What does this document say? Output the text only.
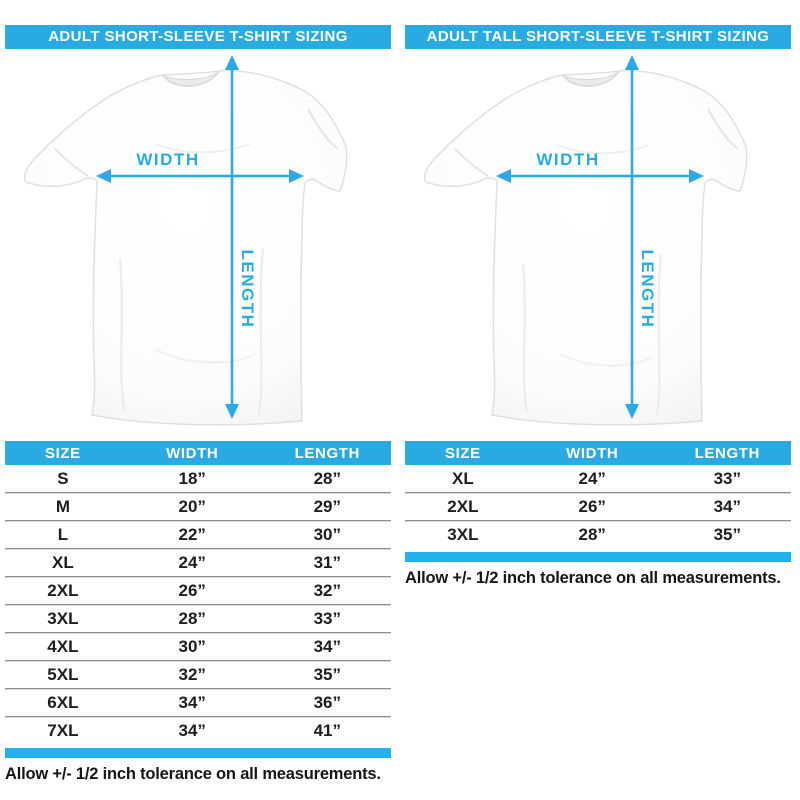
ADULT SHORT-SLEEVE T-SHIRT SIZING
WIDTH
LENGTH
SIZE	WIDTH	LENGTH
S	18”	28”
M	20”	29”
L	22”	30”
XL	24”	31”
2XL	26”	32”
3XL	28”	33”
4XL	30”	34”
5XL	32”	35”
6XL	34”	36”
7XL	34”	41”
Allow +/- 1/2 inch tolerance on all measurements.
ADULT TALL SHORT-SLEEVE T-SHIRT SIZING
WIDTH
LENGTH
SIZE	WIDTH	LENGTH
XL	24”	33”
2XL	26”	34”
3XL	28”	35”
Allow +/- 1/2 inch tolerance on all measurements.
